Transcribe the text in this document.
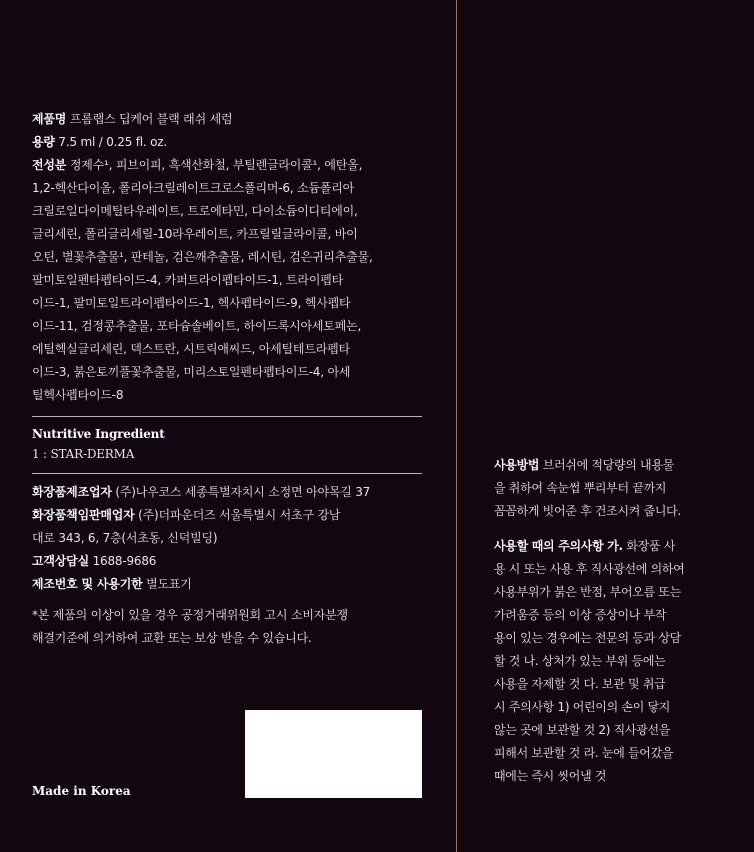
제품명 프롬랩스 딥케어 블랙 래쉬 세럼

용량 7.5 ml / 0.25 fl. oz.

전성분 정제수¹, 피브이피, 흑색산화철, 부틸렌글라이콜¹, 에탄올,

1,2-헥산다이올, 폴리아크릴레이트크로스폴리머-6, 소듐폴리아

크릴로일다이메틸타우레이트, 트로에타민, 다이소듐이디티에이,

글리세린, 폴리글리세릴-10라우레이트, 카프릴릴글라이콜, 바이

오틴, 별꽃추출물¹, 판테놀, 검은깨추출물, 레시틴, 검은귀리추출물,

팔미토일펜타펩타이드-4, 카퍼트라이펩타이드-1, 트라이펩타

이드-1, 팔미토일트라이펩타이드-1, 헥사펩타이드-9, 헥사펩타

이드-11, 검정콩추출물, 포타슘솔베이트, 하이드록시아세토페논,

에틸헥실글리세린, 덱스트란, 시트릭애씨드, 아세틸테트라펩타

이드-3, 붉은토끼풀꽃추출물, 미리스토일펜타펩타이드-4, 아세

틸헥사펩타이드-8

Nutritive Ingredient
1 : STAR-DERMA

화장품제조업자 (주)나우코스 세종특별자치시 소정면 아야목길 37

화장품책임판매업자 (주)더파운더즈 서울특별시 서초구 강남

대로 343, 6, 7층(서초동, 신덕빌딩)

고객상담실 1688-9686

제조번호 및 사용기한 별도표기

*본 제품의 이상이 있을 경우 공정거래위원회 고시 소비자분쟁

해결기준에 의거하여 교환 또는 보상 받을 수 있습니다.

Made in Korea

사용방법 브러쉬에 적당량의 내용물

을 취하여 속눈썹 뿌리부터 끝까지

꼼꼼하게 빗어준 후 건조시켜 줍니다.

사용할 때의 주의사항 가. 화장품 사

용 시 또는 사용 후 직사광선에 의하여

사용부위가 붉은 반점, 부어오름 또는

가려움증 등의 이상 증상이나 부작

용이 있는 경우에는 전문의 등과 상담

할 것 나. 상처가 있는 부위 등에는

사용을 자제할 것 다. 보관 및 취급

시 주의사항 1) 어린이의 손이 닿지

않는 곳에 보관할 것 2) 직사광선을

피해서 보관할 것 라. 눈에 들어갔을

때에는 즉시 씻어낼 것
